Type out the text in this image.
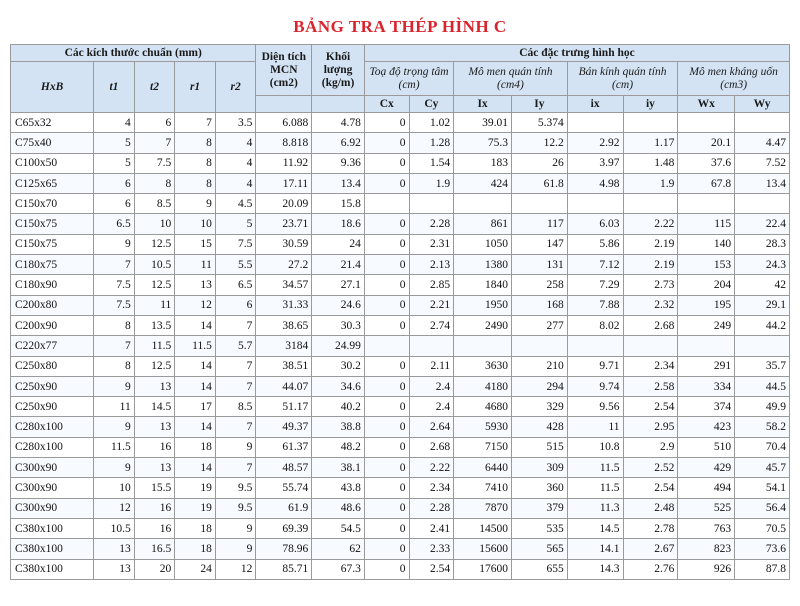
BẢNG TRA THÉP HÌNH C
Các kích thước chuẩn (mm)					Diện tích MCN (cm2)	Khối lượng (kg/m)	Các đặc trưng hình học							
HxB	t1	t2	r1	r2			Toạ độ trọng tâm (cm)		Mô men quán tính (cm4)		Bán kính quán tính (cm)		Mô men kháng uốn (cm3)	
							Cx	Cy	Ix	Iy	ix	iy	Wx	Wy
C65x32	4	6	7	3.5	6.088	4.78	0	1.02	39.01	5.374				
C75x40	5	7	8	4	8.818	6.92	0	1.28	75.3	12.2	2.92	1.17	20.1	4.47
C100x50	5	7.5	8	4	11.92	9.36	0	1.54	183	26	3.97	1.48	37.6	7.52
C125x65	6	8	8	4	17.11	13.4	0	1.9	424	61.8	4.98	1.9	67.8	13.4
C150x70	6	8.5	9	4.5	20.09	15.8								
C150x75	6.5	10	10	5	23.71	18.6	0	2.28	861	117	6.03	2.22	115	22.4
C150x75	9	12.5	15	7.5	30.59	24	0	2.31	1050	147	5.86	2.19	140	28.3
C180x75	7	10.5	11	5.5	27.2	21.4	0	2.13	1380	131	7.12	2.19	153	24.3
C180x90	7.5	12.5	13	6.5	34.57	27.1	0	2.85	1840	258	7.29	2.73	204	42
C200x80	7.5	11	12	6	31.33	24.6	0	2.21	1950	168	7.88	2.32	195	29.1
C200x90	8	13.5	14	7	38.65	30.3	0	2.74	2490	277	8.02	2.68	249	44.2
C220x77	7	11.5	11.5	5.7	3184	24.99								
C250x80	8	12.5	14	7	38.51	30.2	0	2.11	3630	210	9.71	2.34	291	35.7
C250x90	9	13	14	7	44.07	34.6	0	2.4	4180	294	9.74	2.58	334	44.5
C250x90	11	14.5	17	8.5	51.17	40.2	0	2.4	4680	329	9.56	2.54	374	49.9
C280x100	9	13	14	7	49.37	38.8	0	2.64	5930	428	11	2.95	423	58.2
C280x100	11.5	16	18	9	61.37	48.2	0	2.68	7150	515	10.8	2.9	510	70.4
C300x90	9	13	14	7	48.57	38.1	0	2.22	6440	309	11.5	2.52	429	45.7
C300x90	10	15.5	19	9.5	55.74	43.8	0	2.34	7410	360	11.5	2.54	494	54.1
C300x90	12	16	19	9.5	61.9	48.6	0	2.28	7870	379	11.3	2.48	525	56.4
C380x100	10.5	16	18	9	69.39	54.5	0	2.41	14500	535	14.5	2.78	763	70.5
C380x100	13	16.5	18	9	78.96	62	0	2.33	15600	565	14.1	2.67	823	73.6
C380x100	13	20	24	12	85.71	67.3	0	2.54	17600	655	14.3	2.76	926	87.8
